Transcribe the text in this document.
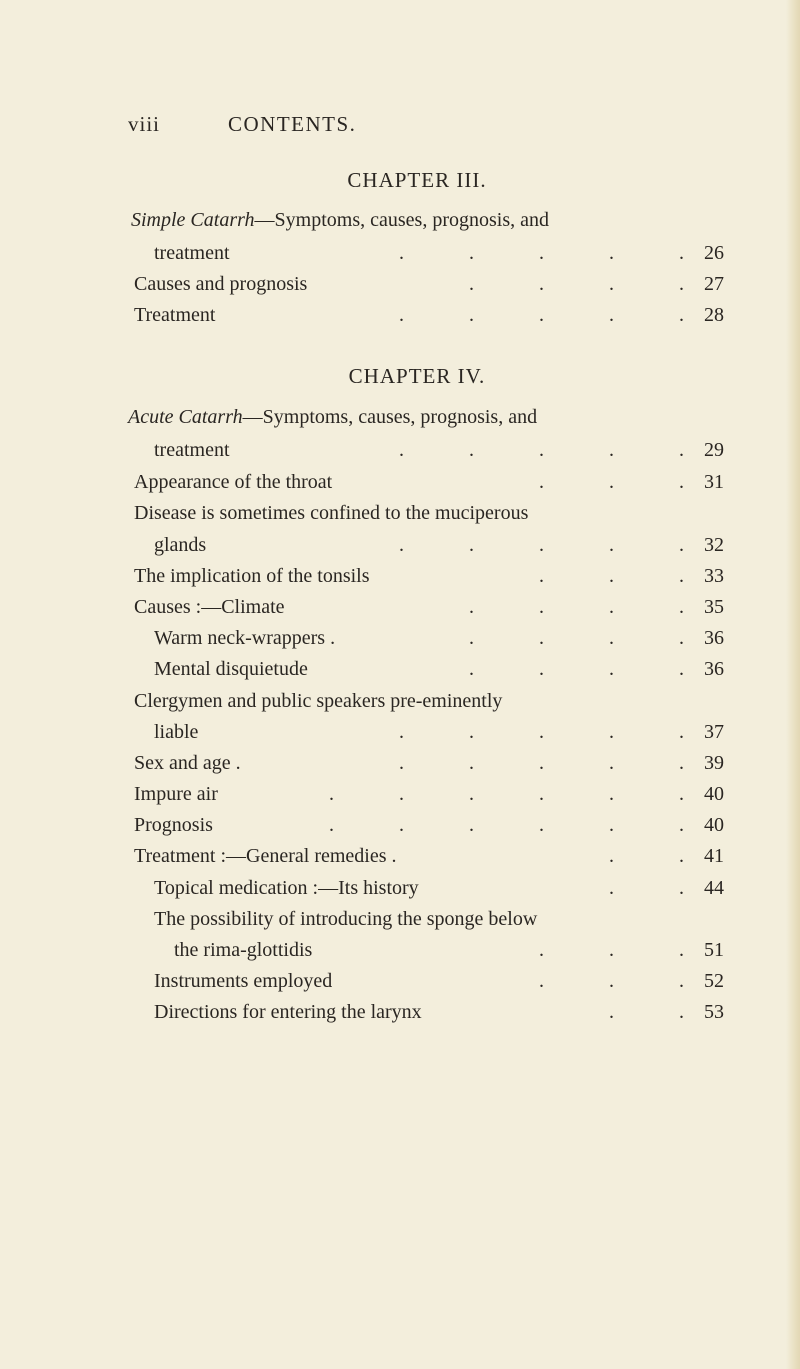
viii	CONTENTS.
CHAPTER III.
Simple Catarrh—Symptoms, causes, prognosis, and
treatment	.	.	.	.	.	26
Causes and prognosis	.	.	.	.	27
Treatment	.	.	.	.	.	28
CHAPTER IV.
Acute Catarrh—Symptoms, causes, prognosis, and
treatment	.	.	.	.	.	29
Appearance of the throat	.	.	.	31
Disease is sometimes confined to the muciperous
glands	.	.	.	.	.	32
The implication of the tonsils	.	.	.	33
Causes :—Climate	.	.	.	.	35
Warm neck-wrappers .	.	.	.	.	36
Mental disquietude	.	.	.	.	36
Clergymen and public speakers pre-eminently
liable	.	.	.	.	.	37
Sex and age .	.	.	.	.	.	39
Impure air	.	.	.	.	.	.	40
Prognosis	.	.	.	.	.	.	40
Treatment :—General remedies .	.	.	41
Topical medication :—Its history	.	.	44
The possibility of introducing the sponge below
the rima-glottidis	.	.	.	51
Instruments employed	.	.	.	52
Directions for entering the larynx	.	.	53
